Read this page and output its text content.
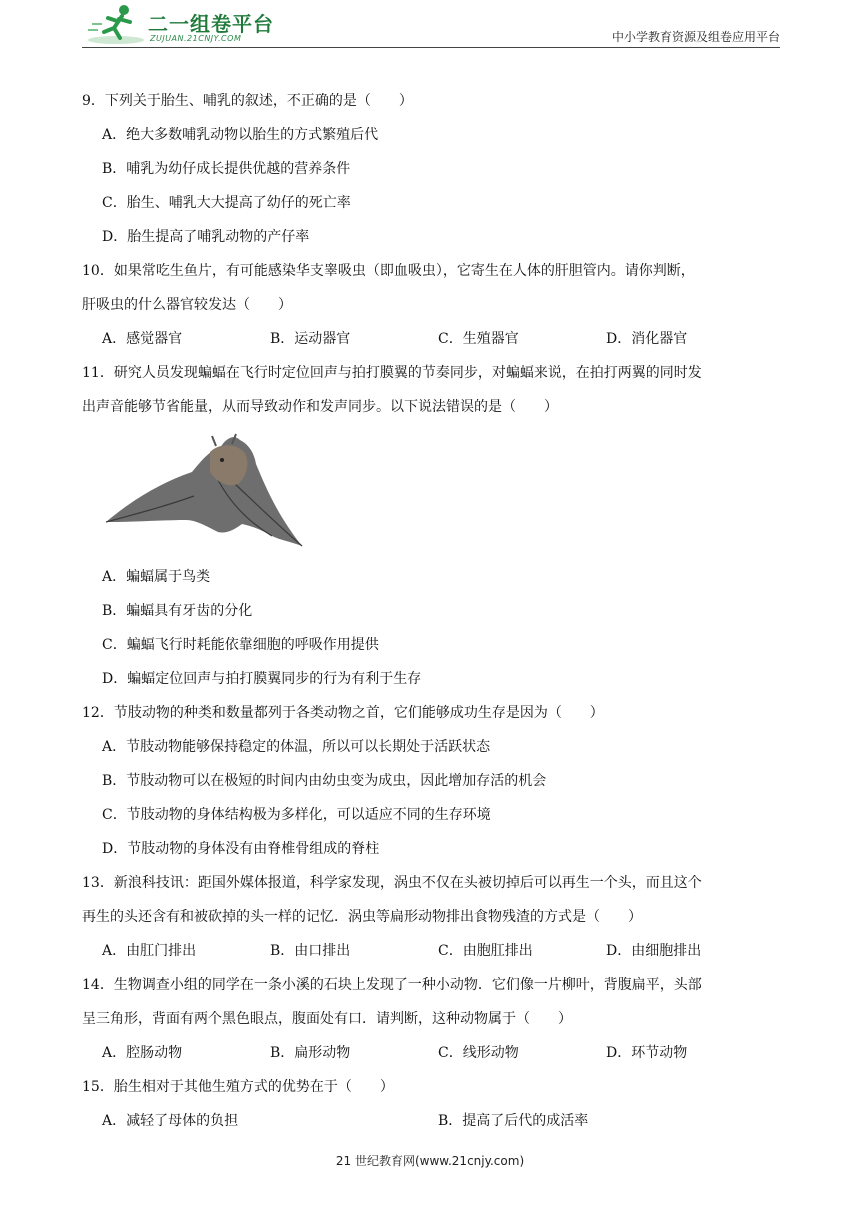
二一组卷平台
ZUJUAN.21CNJY.COM	中小学教育资源及组卷应用平台
9．下列关于胎生、哺乳的叙述，不正确的是（　　）
A．绝大多数哺乳动物以胎生的方式繁殖后代
B．哺乳为幼仔成长提供优越的营养条件
C．胎生、哺乳大大提高了幼仔的死亡率
D．胎生提高了哺乳动物的产仔率
10．如果常吃生鱼片，有可能感染华支睾吸虫（即血吸虫），它寄生在人体的肝胆管内。请你判断，
肝吸虫的什么器官较发达（　　）
A．感觉器官	B．运动器官	C．生殖器官	D．消化器官
11．研究人员发现蝙蝠在飞行时定位回声与拍打膜翼的节奏同步，对蝙蝠来说，在拍打两翼的同时发
出声音能够节省能量，从而导致动作和发声同步。以下说法错误的是（　　）
A．蝙蝠属于鸟类
B．蝙蝠具有牙齿的分化
C．蝙蝠飞行时耗能依靠细胞的呼吸作用提供
D．蝙蝠定位回声与拍打膜翼同步的行为有利于生存
12．节肢动物的种类和数量都列于各类动物之首，它们能够成功生存是因为（　　）
A．节肢动物能够保持稳定的体温，所以可以长期处于活跃状态
B．节肢动物可以在极短的时间内由幼虫变为成虫，因此增加存活的机会
C．节肢动物的身体结构极为多样化，可以适应不同的生存环境
D．节肢动物的身体没有由脊椎骨组成的脊柱
13．新浪科技讯：距国外媒体报道，科学家发现，涡虫不仅在头被切掉后可以再生一个头，而且这个
再生的头还含有和被砍掉的头一样的记忆．涡虫等扁形动物排出食物残渣的方式是（　　）
A．由肛门排出	B．由口排出	C．由胞肛排出	D．由细胞排出
14．生物调查小组的同学在一条小溪的石块上发现了一种小动物．它们像一片柳叶，背腹扁平，头部
呈三角形，背面有两个黑色眼点，腹面处有口．请判断，这种动物属于（　　）
A．腔肠动物	B．扁形动物	C．线形动物	D．环节动物
15．胎生相对于其他生殖方式的优势在于（　　）
A．减轻了母体的负担	B．提高了后代的成活率
21 世纪教育网(www.21cnjy.com)
